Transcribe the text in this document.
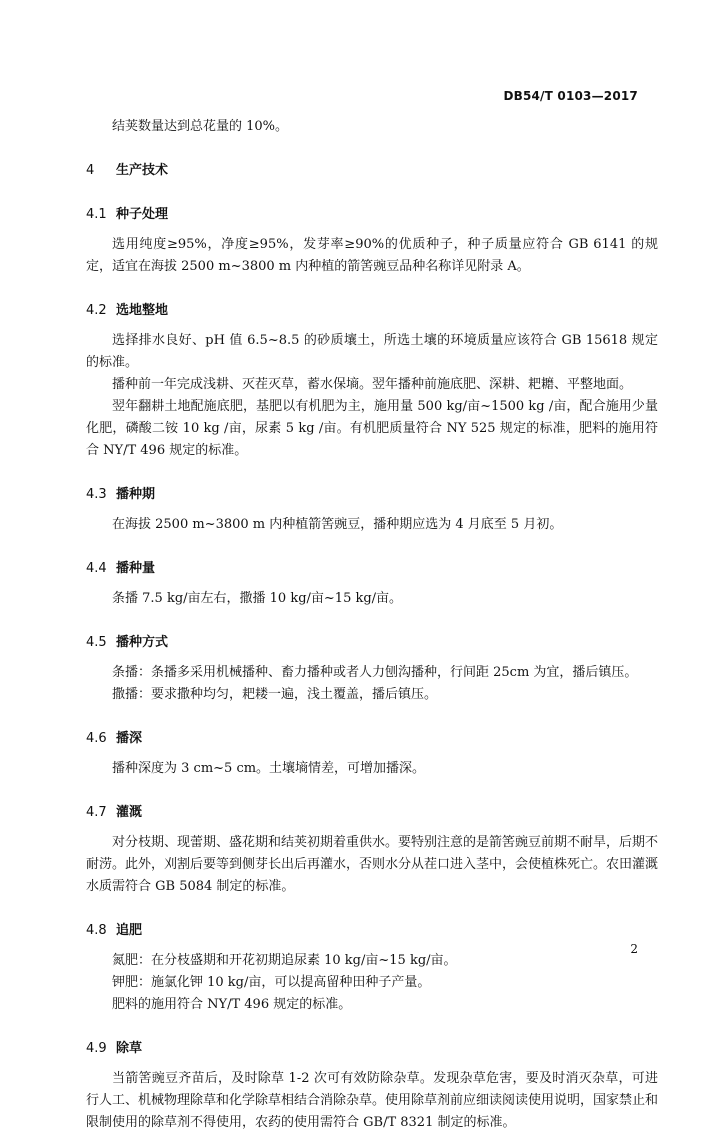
DB54/T 0103—2017

结荚数量达到总花量的 10%。

4 生产技术

4.1 种子处理

选用纯度≥95%，净度≥95%，发芽率≥90%的优质种子，种子质量应符合 GB 6141 的规定，适宜在海拔 2500 m~3800 m 内种植的箭筈豌豆品种名称详见附录 A。

4.2 选地整地

选择排水良好、pH 值 6.5~8.5 的砂质壤土，所选土壤的环境质量应该符合 GB 15618 规定的标准。

播种前一年完成浅耕、灭茬灭草，蓄水保墒。翌年播种前施底肥、深耕、耙耱、平整地面。

翌年翻耕土地配施底肥，基肥以有机肥为主，施用量 500 kg/亩~1500 kg /亩，配合施用少量化肥，磷酸二铵 10 kg /亩，尿素 5 kg /亩。有机肥质量符合 NY 525 规定的标准，肥料的施用符合 NY/T 496 规定的标准。

4.3 播种期

在海拔 2500 m~3800 m 内种植箭筈豌豆，播种期应选为 4 月底至 5 月初。

4.4 播种量

条播 7.5 kg/亩左右，撒播 10 kg/亩~15 kg/亩。

4.5 播种方式

条播：条播多采用机械播种、畜力播种或者人力刨沟播种，行间距 25cm 为宜，播后镇压。

撒播：要求撒种均匀，耙耧一遍，浅土覆盖，播后镇压。

4.6 播深

播种深度为 3 cm~5 cm。土壤墒情差，可增加播深。

4.7 灌溉

对分枝期、现蕾期、盛花期和结荚初期着重供水。要特别注意的是箭筈豌豆前期不耐旱，后期不耐涝。此外，刈割后要等到侧芽长出后再灌水，否则水分从茬口进入茎中，会使植株死亡。农田灌溉水质需符合 GB 5084 制定的标准。

4.8 追肥

氮肥：在分枝盛期和开花初期追尿素 10 kg/亩~15 kg/亩。

钾肥：施氯化钾 10 kg/亩，可以提高留种田种子产量。

肥料的施用符合 NY/T 496 规定的标准。

4.9 除草

当箭筈豌豆齐苗后，及时除草 1-2 次可有效防除杂草。发现杂草危害，要及时消灭杂草，可进行人工、机械物理除草和化学除草相结合消除杂草。使用除草剂前应细读阅读使用说明，国家禁止和限制使用的除草剂不得使用，农药的使用需符合 GB/T 8321 制定的标准。

2
